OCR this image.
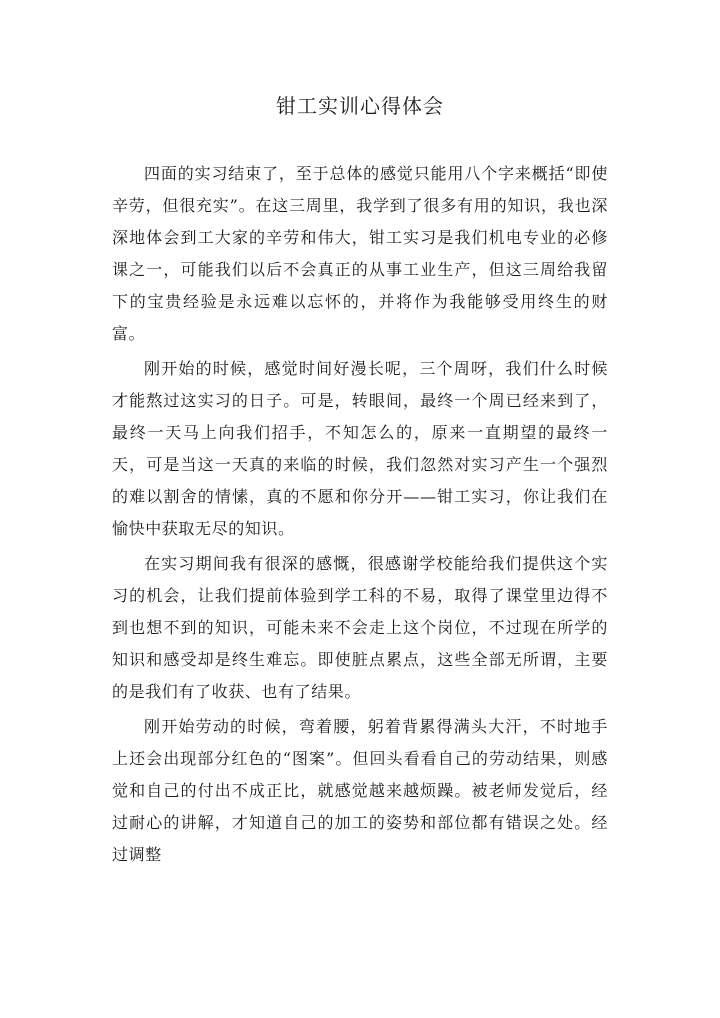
钳工实训心得体会

四面的实习结束了，至于总体的感觉只能用八个字来概括“即使辛劳，但很充实”。在这三周里，我学到了很多有用的知识，我也深深地体会到工大家的辛劳和伟大，钳工实习是我们机电专业的必修课之一，可能我们以后不会真正的从事工业生产，但这三周给我留下的宝贵经验是永远难以忘怀的，并将作为我能够受用终生的财富。

刚开始的时候，感觉时间好漫长呢，三个周呀，我们什么时候才能熬过这实习的日子。可是，转眼间，最终一个周已经来到了，最终一天马上向我们招手，不知怎么的，原来一直期望的最终一天，可是当这一天真的来临的时候，我们忽然对实习产生一个强烈的难以割舍的情愫，真的不愿和你分开——钳工实习，你让我们在愉快中获取无尽的知识。

在实习期间我有很深的感慨，很感谢学校能给我们提供这个实习的机会，让我们提前体验到学工科的不易，取得了课堂里边得不到也想不到的知识，可能未来不会走上这个岗位，不过现在所学的知识和感受却是终生难忘。即使脏点累点，这些全部无所谓，主要的是我们有了收获、也有了结果。

刚开始劳动的时候，弯着腰，躬着背累得满头大汗，不时地手上还会出现部分红色的“图案”。但回头看看自己的劳动结果，则感觉和自己的付出不成正比，就感觉越来越烦躁。被老师发觉后，经过耐心的讲解，才知道自己的加工的姿势和部位都有错误之处。经过调整
